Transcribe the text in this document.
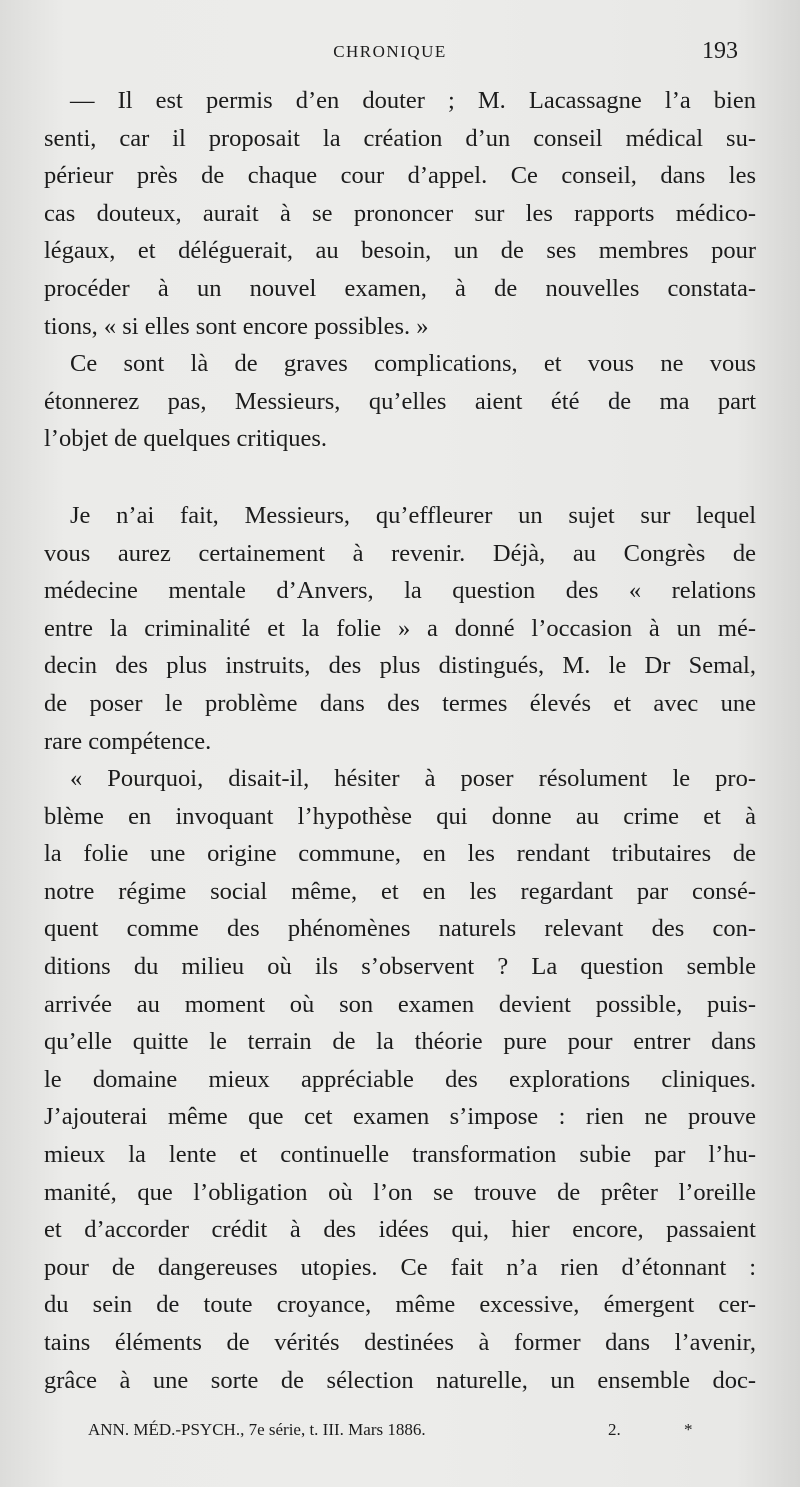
CHRONIQUE	193

— Il est permis d’en douter ; M. Lacassagne l’a bien
senti, car il proposait la création d’un conseil médical su-
périeur près de chaque cour d’appel. Ce conseil, dans les
cas douteux, aurait à se prononcer sur les rapports médico-
légaux, et déléguerait, au besoin, un de ses membres pour
procéder à un nouvel examen, à de nouvelles constata-
tions, « si elles sont encore possibles. »

Ce sont là de graves complications, et vous ne vous
étonnerez pas, Messieurs, qu’elles aient été de ma part
l’objet de quelques critiques.

Je n’ai fait, Messieurs, qu’effleurer un sujet sur lequel
vous aurez certainement à revenir. Déjà, au Congrès de
médecine mentale d’Anvers, la question des « relations
entre la criminalité et la folie » a donné l’occasion à un mé-
decin des plus instruits, des plus distingués, M. le Dr Semal,
de poser le problème dans des termes élevés et avec une
rare compétence.

« Pourquoi, disait-il, hésiter à poser résolument le pro-
blème en invoquant l’hypothèse qui donne au crime et à
la folie une origine commune, en les rendant tributaires de
notre régime social même, et en les regardant par consé-
quent comme des phénomènes naturels relevant des con-
ditions du milieu où ils s’observent ? La question semble
arrivée au moment où son examen devient possible, puis-
qu’elle quitte le terrain de la théorie pure pour entrer dans
le domaine mieux appréciable des explorations cliniques.
J’ajouterai même que cet examen s’impose : rien ne prouve
mieux la lente et continuelle transformation subie par l’hu-
manité, que l’obligation où l’on se trouve de prêter l’oreille
et d’accorder crédit à des idées qui, hier encore, passaient
pour de dangereuses utopies. Ce fait n’a rien d’étonnant :
du sein de toute croyance, même excessive, émergent cer-
tains éléments de vérités destinées à former dans l’avenir,
grâce à une sorte de sélection naturelle, un ensemble doc-

ANN. MÉD.-PSYCH., 7e série, t. III. Mars 1886.	2.	*
